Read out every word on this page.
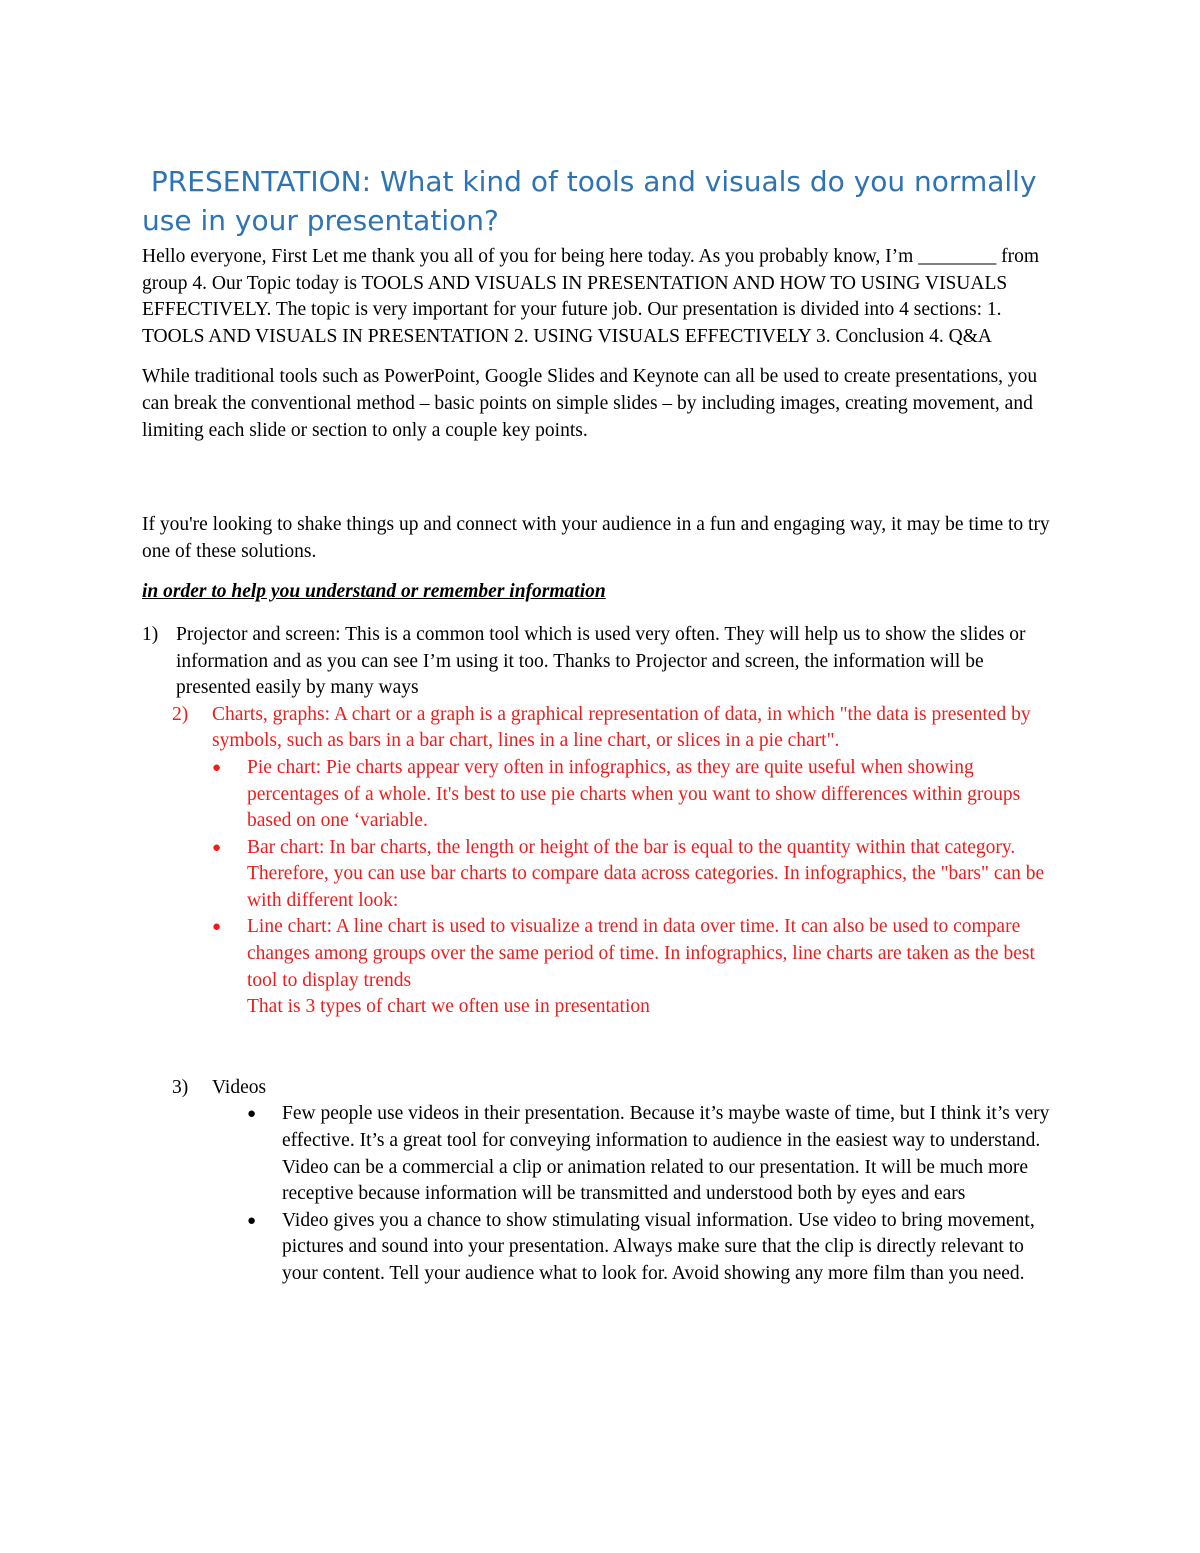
PRESENTATION: What kind of tools and visuals do you normally use in your presentation?

Hello everyone, First Let me thank you all of you for being here today. As you probably know, I’m ________ from group 4. Our Topic today is TOOLS AND VISUALS IN PRESENTATION AND HOW TO USING VISUALS EFFECTIVELY. The topic is very important for your future job. Our presentation is divided into 4 sections: 1. TOOLS AND VISUALS IN PRESENTATION 2. USING VISUALS EFFECTIVELY 3. Conclusion 4. Q&A

While traditional tools such as PowerPoint, Google Slides and Keynote can all be used to create presentations, you can break the conventional method – basic points on simple slides – by including images, creating movement, and limiting each slide or section to only a couple key points.

If you're looking to shake things up and connect with your audience in a fun and engaging way, it may be time to try one of these solutions.

in order to help you understand or remember information

1) Projector and screen: This is a common tool which is used very often. They will help us to show the slides or information and as you can see I’m using it too. Thanks to Projector and screen, the information will be presented easily by many ways
2) Charts, graphs: A chart or a graph is a graphical representation of data, in which "the data is presented by symbols, such as bars in a bar chart, lines in a line chart, or slices in a pie chart".
● Pie chart: Pie charts appear very often in infographics, as they are quite useful when showing percentages of a whole. It's best to use pie charts when you want to show differences within groups based on one ‘variable.
● Bar chart: In bar charts, the length or height of the bar is equal to the quantity within that category. Therefore, you can use bar charts to compare data across categories. In infographics, the "bars" can be with different look:
● Line chart: A line chart is used to visualize a trend in data over time. It can also be used to compare changes among groups over the same period of time. In infographics, line charts are taken as the best tool to display trends

That is 3 types of chart we often use in presentation

3) Videos
● Few people use videos in their presentation. Because it’s maybe waste of time, but I think it’s very effective. It’s a great tool for conveying information to audience in the easiest way to understand. Video can be a commercial a clip or animation related to our presentation. It will be much more receptive because information will be transmitted and understood both by eyes and ears
● Video gives you a chance to show stimulating visual information. Use video to bring movement, pictures and sound into your presentation. Always make sure that the clip is directly relevant to your content. Tell your audience what to look for. Avoid showing any more film than you need.
